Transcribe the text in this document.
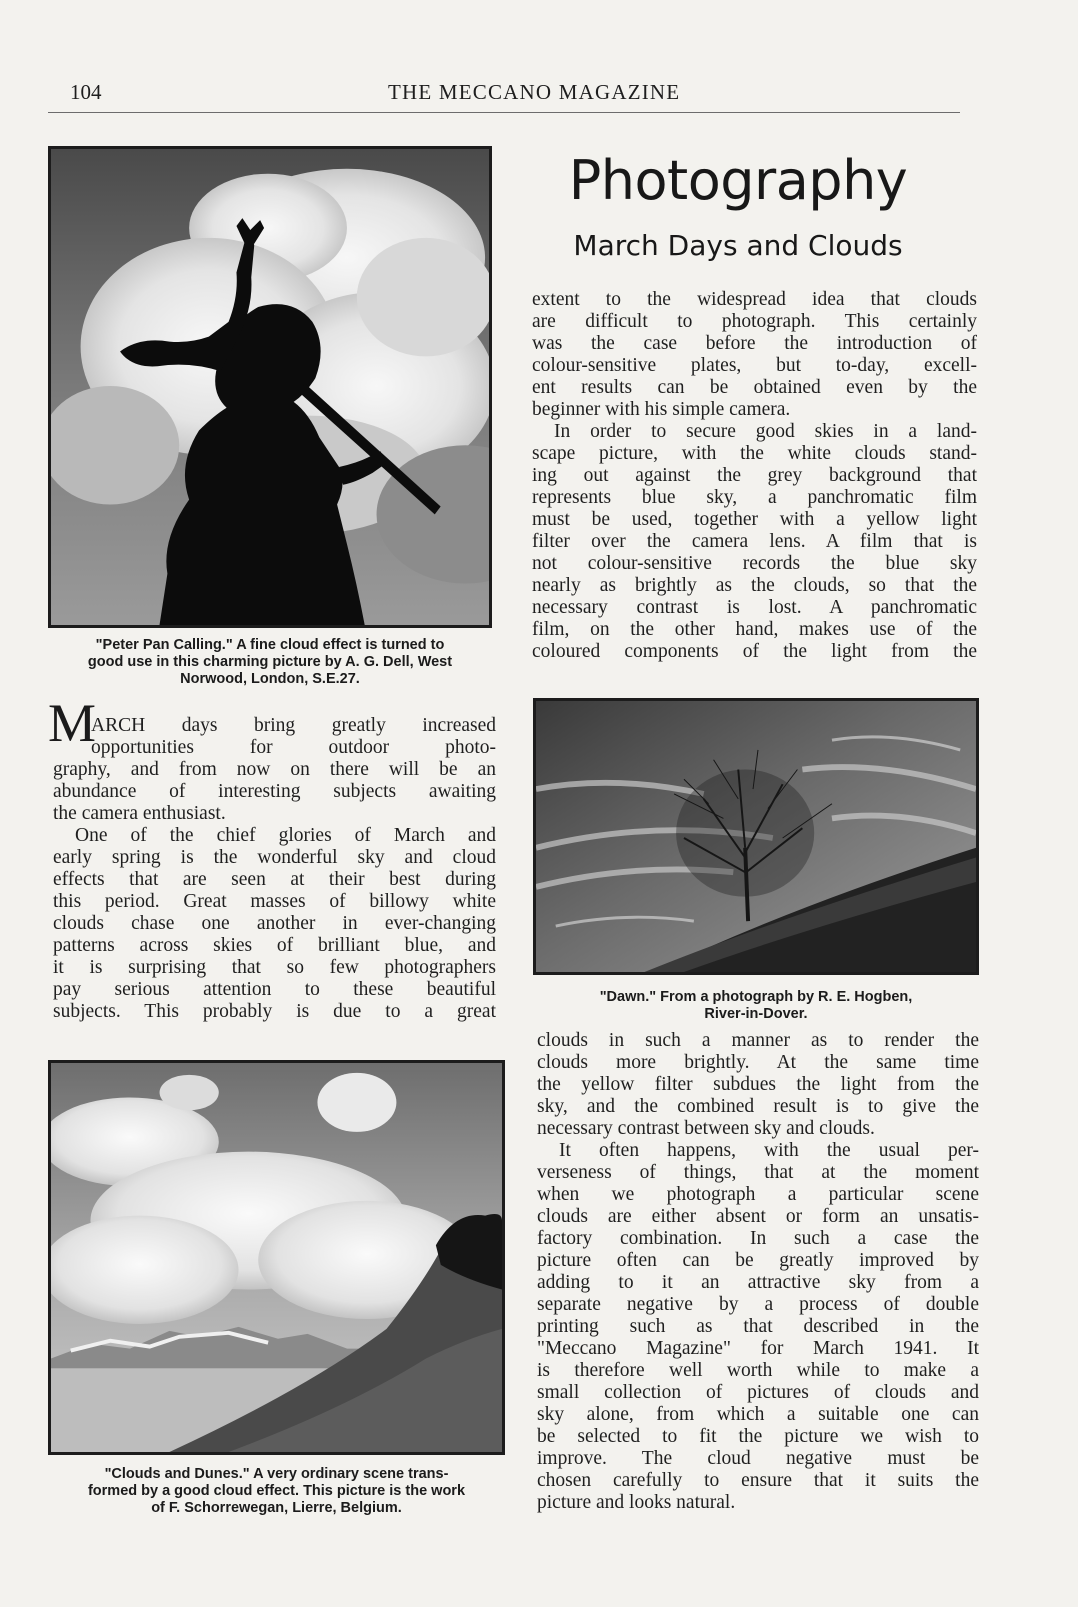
104	THE MECCANO MAGAZINE
"Peter Pan Calling." A fine cloud effect is turned to
good use in this charming picture by A. G. Dell, West
Norwood, London, S.E.27.
Photography
March Days and Clouds
M
ARCH days bring greatly increased
opportunities for outdoor photo-
graphy, and from now on there will be an
abundance of interesting subjects awaiting
the camera enthusiast.
One of the chief glories of March and
early spring is the wonderful sky and cloud
effects that are seen at their best during
this period. Great masses of billowy white
clouds chase one another in ever-changing
patterns across skies of brilliant blue, and
it is surprising that so few photographers
pay serious attention to these beautiful
subjects. This probably is due to a great
extent to the widespread idea that clouds
are difficult to photograph. This certainly
was the case before the introduction of
colour-sensitive plates, but to-day, excell-
ent results can be obtained even by the
beginner with his simple camera.
In order to secure good skies in a land-
scape picture, with the white clouds stand-
ing out against the grey background that
represents blue sky, a panchromatic film
must be used, together with a yellow light
filter over the camera lens. A film that is
not colour-sensitive records the blue sky
nearly as brightly as the clouds, so that the
necessary contrast is lost. A panchromatic
film, on the other hand, makes use of the
coloured components of the light from the
"Dawn." From a photograph by R. E. Hogben,
River-in-Dover.
clouds in such a manner as to render the
clouds more brightly. At the same time
the yellow filter subdues the light from the
sky, and the combined result is to give the
necessary contrast between sky and clouds.
It often happens, with the usual per-
verseness of things, that at the moment
when we photograph a particular scene
clouds are either absent or form an unsatis-
factory combination. In such a case the
picture often can be greatly improved by
adding to it an attractive sky from a
separate negative by a process of double
printing such as that described in the
"Meccano Magazine" for March 1941. It
is therefore well worth while to make a
small collection of pictures of clouds and
sky alone, from which a suitable one can
be selected to fit the picture we wish to
improve. The cloud negative must be
chosen carefully to ensure that it suits the
picture and looks natural.
"Clouds and Dunes." A very ordinary scene trans-
formed by a good cloud effect. This picture is the work
of F. Schorrewegan, Lierre, Belgium.
